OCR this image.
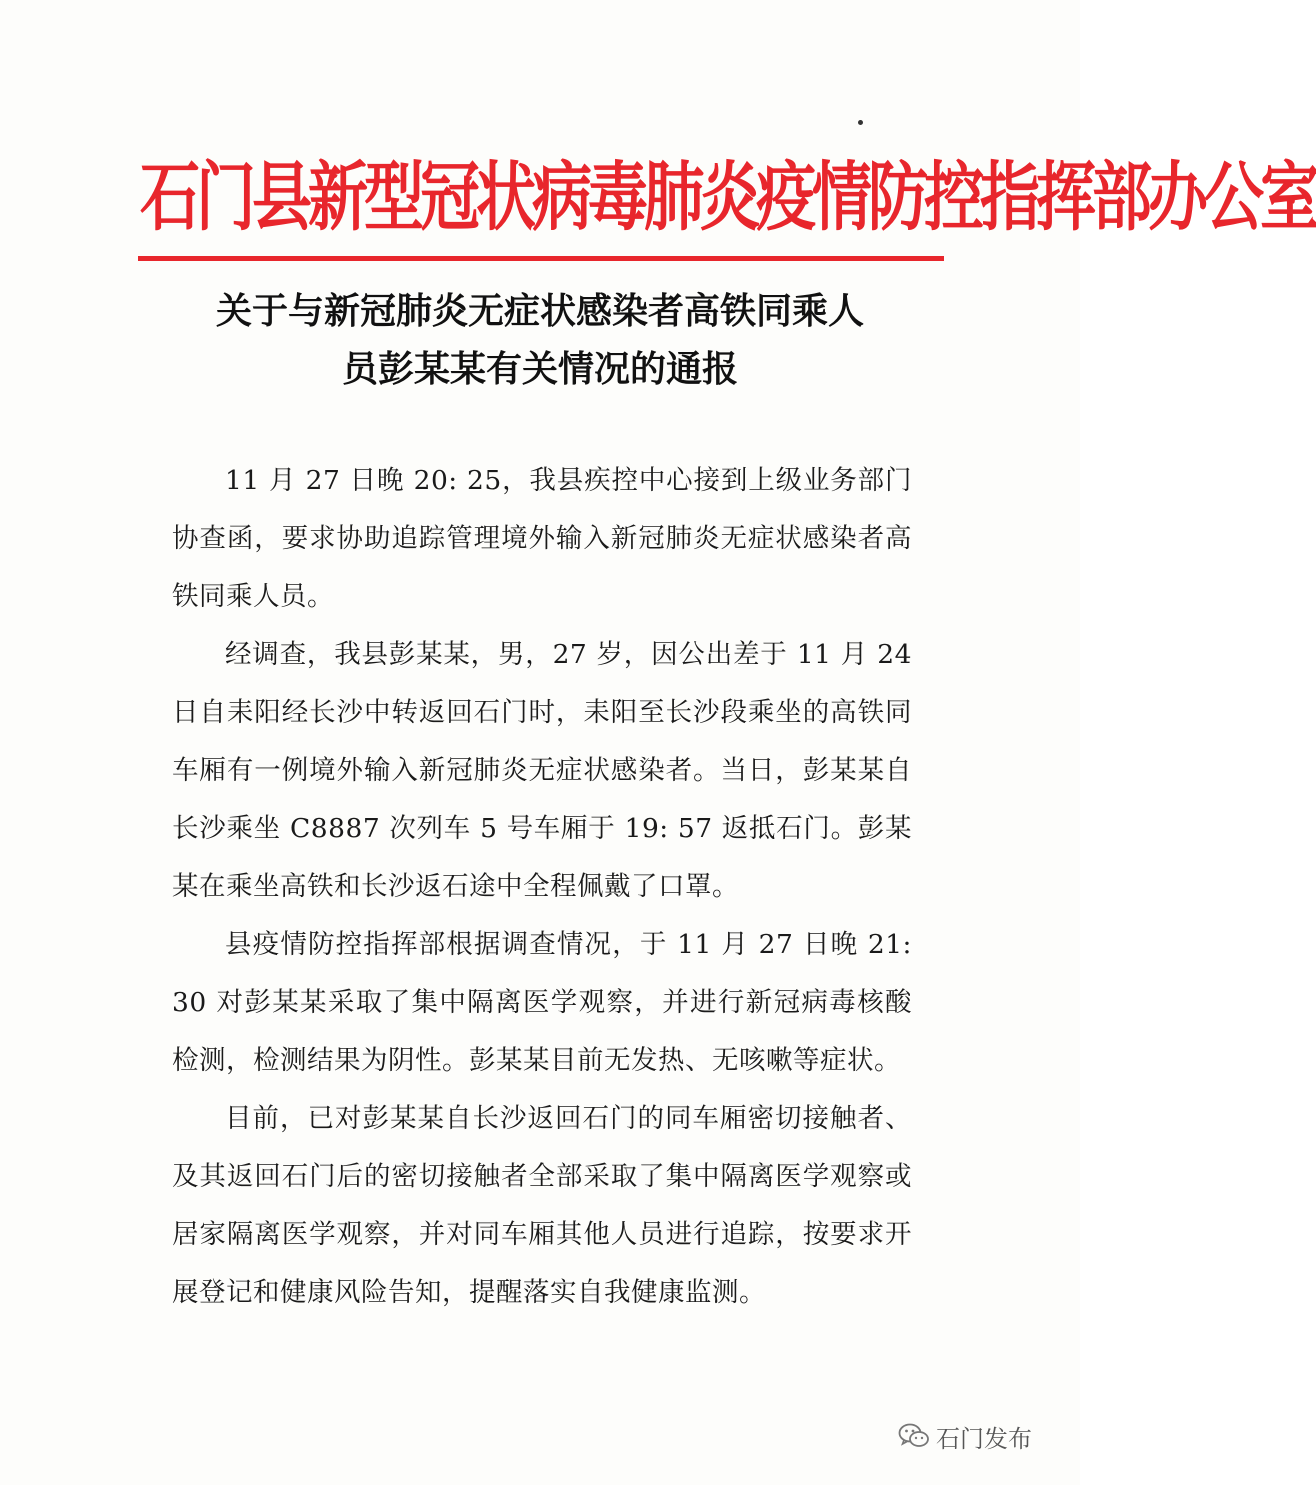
石门县新型冠状病毒肺炎疫情防控指挥部办公室
关于与新冠肺炎无症状感染者高铁同乘人
员彭某某有关情况的通报

11 月 27 日晚 20: 25，我县疾控中心接到上级业务部门协查函，要求协助追踪管理境外输入新冠肺炎无症状感染者高铁同乘人员。

经调查，我县彭某某，男，27 岁，因公出差于 11 月 24 日自耒阳经长沙中转返回石门时，耒阳至长沙段乘坐的高铁同车厢有一例境外输入新冠肺炎无症状感染者。当日，彭某某自长沙乘坐 C8887 次列车 5 号车厢于 19: 57 返抵石门。彭某某在乘坐高铁和长沙返石途中全程佩戴了口罩。

县疫情防控指挥部根据调查情况，于 11 月 27 日晚 21: 30 对彭某某采取了集中隔离医学观察，并进行新冠病毒核酸检测，检测结果为阴性。彭某某目前无发热、无咳嗽等症状。

目前，已对彭某某自长沙返回石门的同车厢密切接触者、及其返回石门后的密切接触者全部采取了集中隔离医学观察或居家隔离医学观察，并对同车厢其他人员进行追踪，按要求开展登记和健康风险告知，提醒落实自我健康监测。

石门发布
